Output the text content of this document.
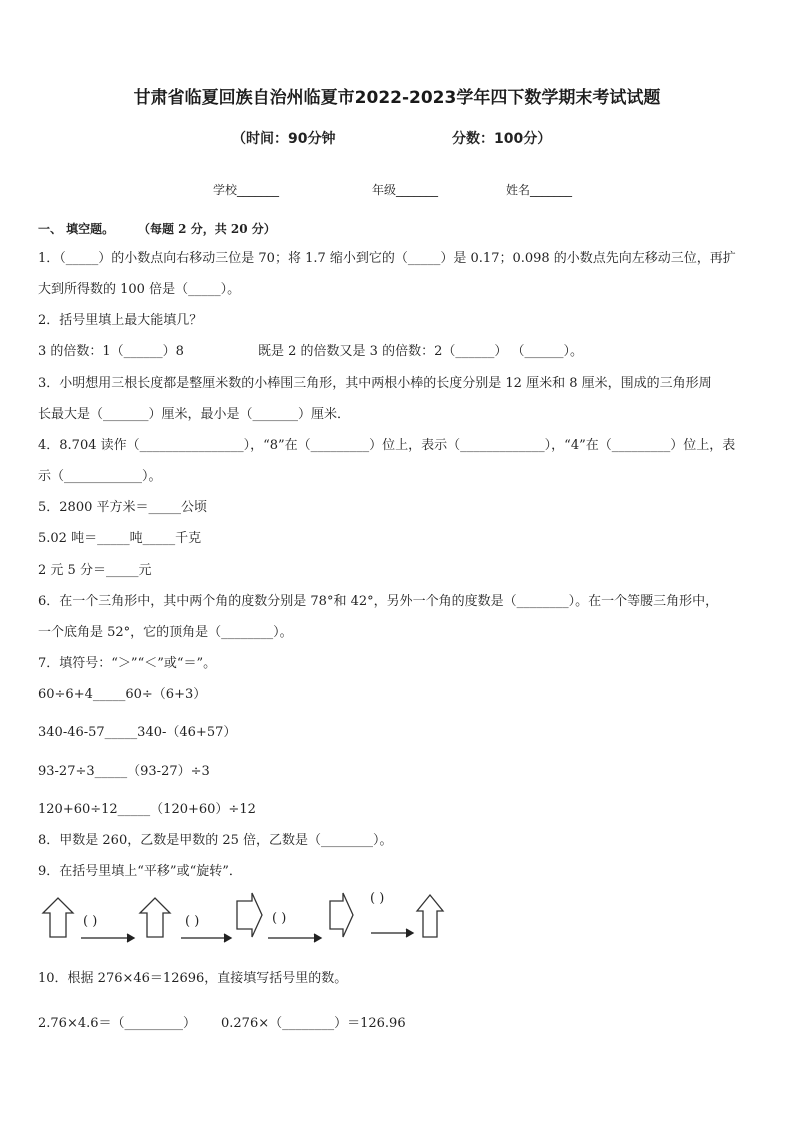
甘肃省临夏回族自治州临夏市2022-2023学年四下数学期末考试试题
（时间：90分钟	分数：100分）
学校_______	年级_______	姓名_______
一、 填空题。 （每题 2 分，共 20 分）
1．（_____）的小数点向右移动三位是 70；将 1.7 缩小到它的（_____）是 0.17；0.098 的小数点先向左移动三位，再扩
大到所得数的 100 倍是（_____）。
2．括号里填上最大能填几？
3 的倍数：1（______）8	既是 2 的倍数又是 3 的倍数：2（______） （______）。
3．小明想用三根长度都是整厘米数的小棒围三角形，其中两根小棒的长度分别是 12 厘米和 8 厘米，围成的三角形周
长最大是（_______）厘米，最小是（_______）厘米．
4．8.704 读作（________________），“8”在（_________）位上，表示（_____________），“4”在（_________）位上，表
示（____________）。
5．2800 平方米＝_____公顷
5.02 吨＝_____吨_____千克
2 元 5 分＝_____元
6．在一个三角形中，其中两个角的度数分别是 78°和 42°，另外一个角的度数是（________）。在一个等腰三角形中，
一个底角是 52°，它的顶角是（________）。
7．填符号：“＞”“＜”或“＝”。
60÷6+4_____60÷（6+3）
340-46-57_____340-（46+57）
93-27÷3_____（93-27）÷3
120+60÷12_____（120+60）÷12
8．甲数是 260，乙数是甲数的 25 倍，乙数是（________）。
9．在括号里填上“平移”或“旋转”．
( )	( )	( )
( )
10．根据 276×46＝12696，直接填写括号里的数。
2.76×4.6＝（_________） 0.276×（________）＝126.96
